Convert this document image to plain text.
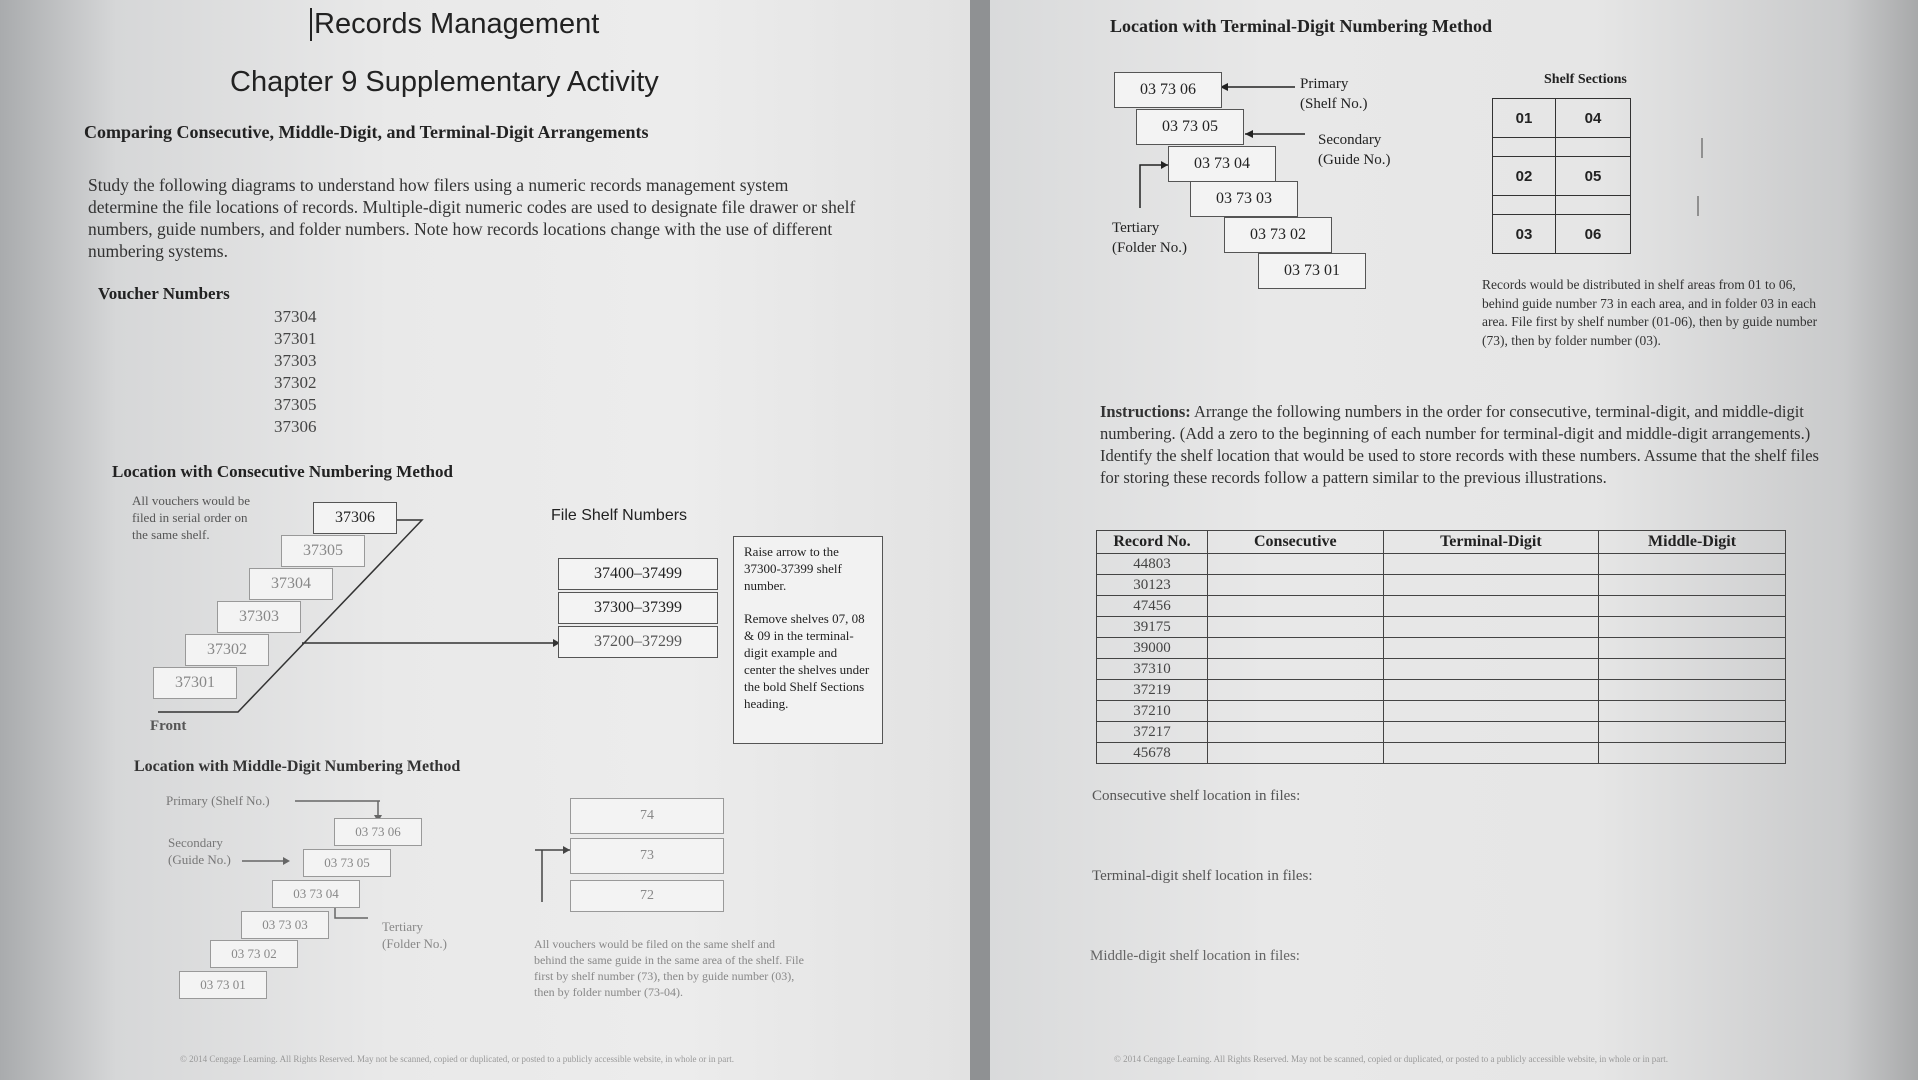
Records Management
Chapter 9 Supplementary Activity
Comparing Consecutive, Middle-Digit, and Terminal-Digit Arrangements
Study the following diagrams to understand how filers using a numeric records management system determine the file locations of records. Multiple-digit numeric codes are used to designate file drawer or shelf numbers, guide numbers, and folder numbers. Note how records locations change with the use of different numbering systems.
Voucher Numbers
37304
37301
37303
37302
37305
37306
Location with Consecutive Numbering Method
All vouchers would be filed in serial order on the same shelf.
37306
37305
37304
37303
37302
37301
Front
File Shelf Numbers
37400–37499
37300–37399
37200–37299
Raise arrow to the 37300-37399 shelf number.
Remove shelves 07, 08 & 09 in the terminal-digit example and center the shelves under the bold Shelf Sections heading.
Location with Middle-Digit Numbering Method
Primary (Shelf No.)
Secondary (Guide No.)
Tertiary (Folder No.)
03 73 06
03 73 05
03 73 04
03 73 03
03 73 02
03 73 01
74
73
72
All vouchers would be filed on the same shelf and behind the same guide in the same area of the shelf. File first by shelf number (73), then by guide number (03), then by folder number (73-04).
© 2014 Cengage Learning. All Rights Reserved. May not be scanned, copied or duplicated, or posted to a publicly accessible website, in whole or in part.
Location with Terminal-Digit Numbering Method
03 73 06
03 73 05
03 73 04
03 73 03
03 73 02
03 73 01
Primary
(Shelf No.)
Secondary
(Guide No.)
Tertiary
(Folder No.)
Shelf Sections
01	04
02	05
03	06
Records would be distributed in shelf areas from 01 to 06, behind guide number 73 in each area, and in folder 03 in each area. File first by shelf number (01-06), then by guide number (73), then by folder number (03).
Instructions: Arrange the following numbers in the order for consecutive, terminal-digit, and middle-digit numbering. (Add a zero to the beginning of each number for terminal-digit and middle-digit arrangements.) Identify the shelf location that would be used to store records with these numbers. Assume that the shelf files for storing these records follow a pattern similar to the previous illustrations.
Record No.	Consecutive	Terminal-Digit	Middle-Digit
44803			
30123			
47456			
39175			
39000			
37310			
37219			
37210			
37217			
45678			
Consecutive shelf location in files:
Terminal-digit shelf location in files:
Middle-digit shelf location in files:
© 2014 Cengage Learning. All Rights Reserved. May not be scanned, copied or duplicated, or posted to a publicly accessible website, in whole or in part.
